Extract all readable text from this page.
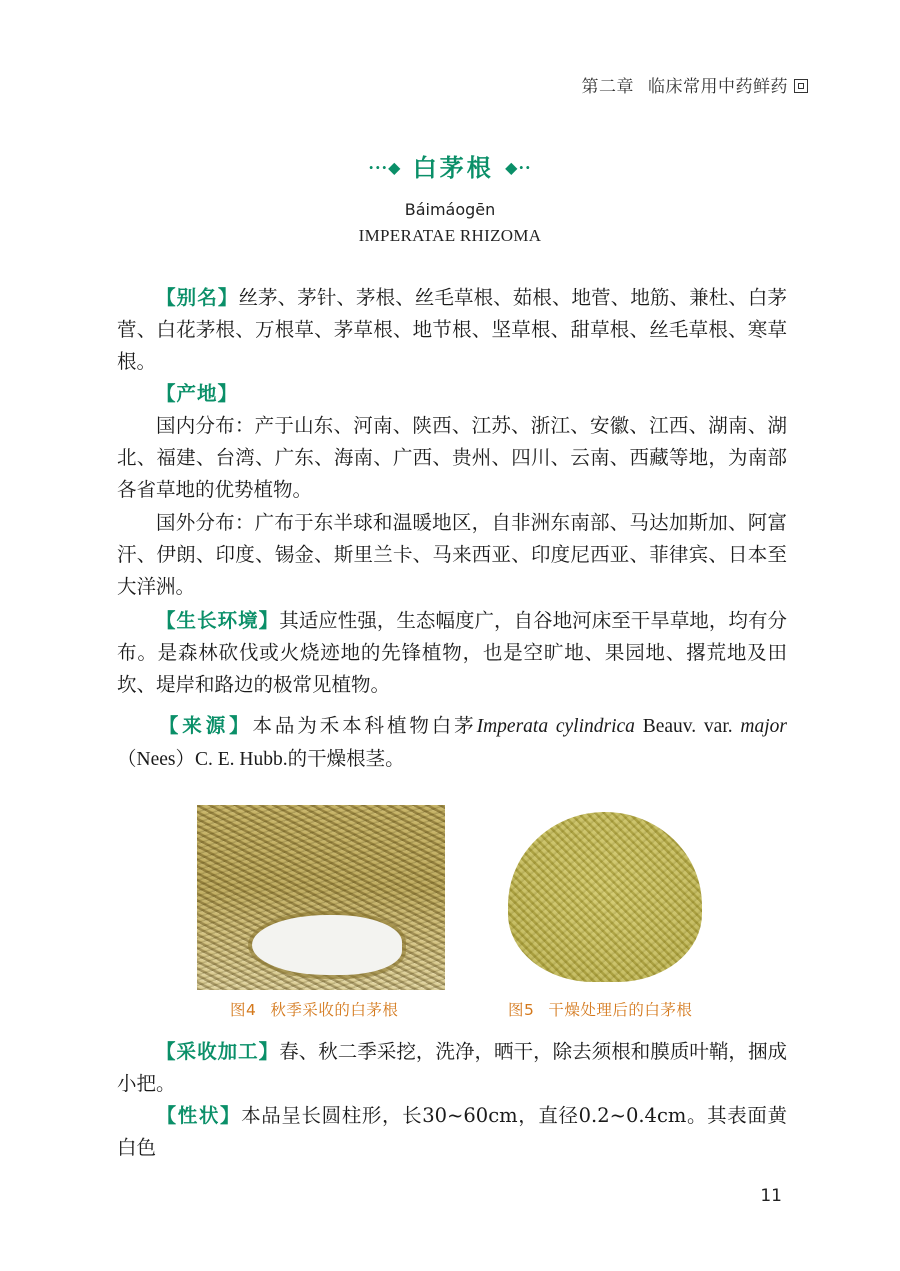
第二章 临床常用中药鲜药
···◆ 白茅根 ◆··
Báimáogēn
IMPERATAE RHIZOMA
【别名】丝茅、茅针、茅根、丝毛草根、茹根、地菅、地筋、兼杜、白茅菅、白花茅根、万根草、茅草根、地节根、坚草根、甜草根、丝毛草根、寒草根。
【产地】
国内分布：产于山东、河南、陕西、江苏、浙江、安徽、江西、湖南、湖北、福建、台湾、广东、海南、广西、贵州、四川、云南、西藏等地，为南部各省草地的优势植物。
国外分布：广布于东半球和温暖地区，自非洲东南部、马达加斯加、阿富汗、伊朗、印度、锡金、斯里兰卡、马来西亚、印度尼西亚、菲律宾、日本至大洋洲。
【生长环境】其适应性强，生态幅度广，自谷地河床至干旱草地，均有分布。是森林砍伐或火烧迹地的先锋植物，也是空旷地、果园地、撂荒地及田坎、堤岸和路边的极常见植物。
【来源】本品为禾本科植物白茅Imperata cylindrica Beauv. var. major（Nees）C. E. Hubb.的干燥根茎。
图4 秋季采收的白茅根	图5 干燥处理后的白茅根
【采收加工】春、秋二季采挖，洗净，晒干，除去须根和膜质叶鞘，捆成小把。
【性状】本品呈长圆柱形，长30~60cm，直径0.2~0.4cm。其表面黄白色
11
